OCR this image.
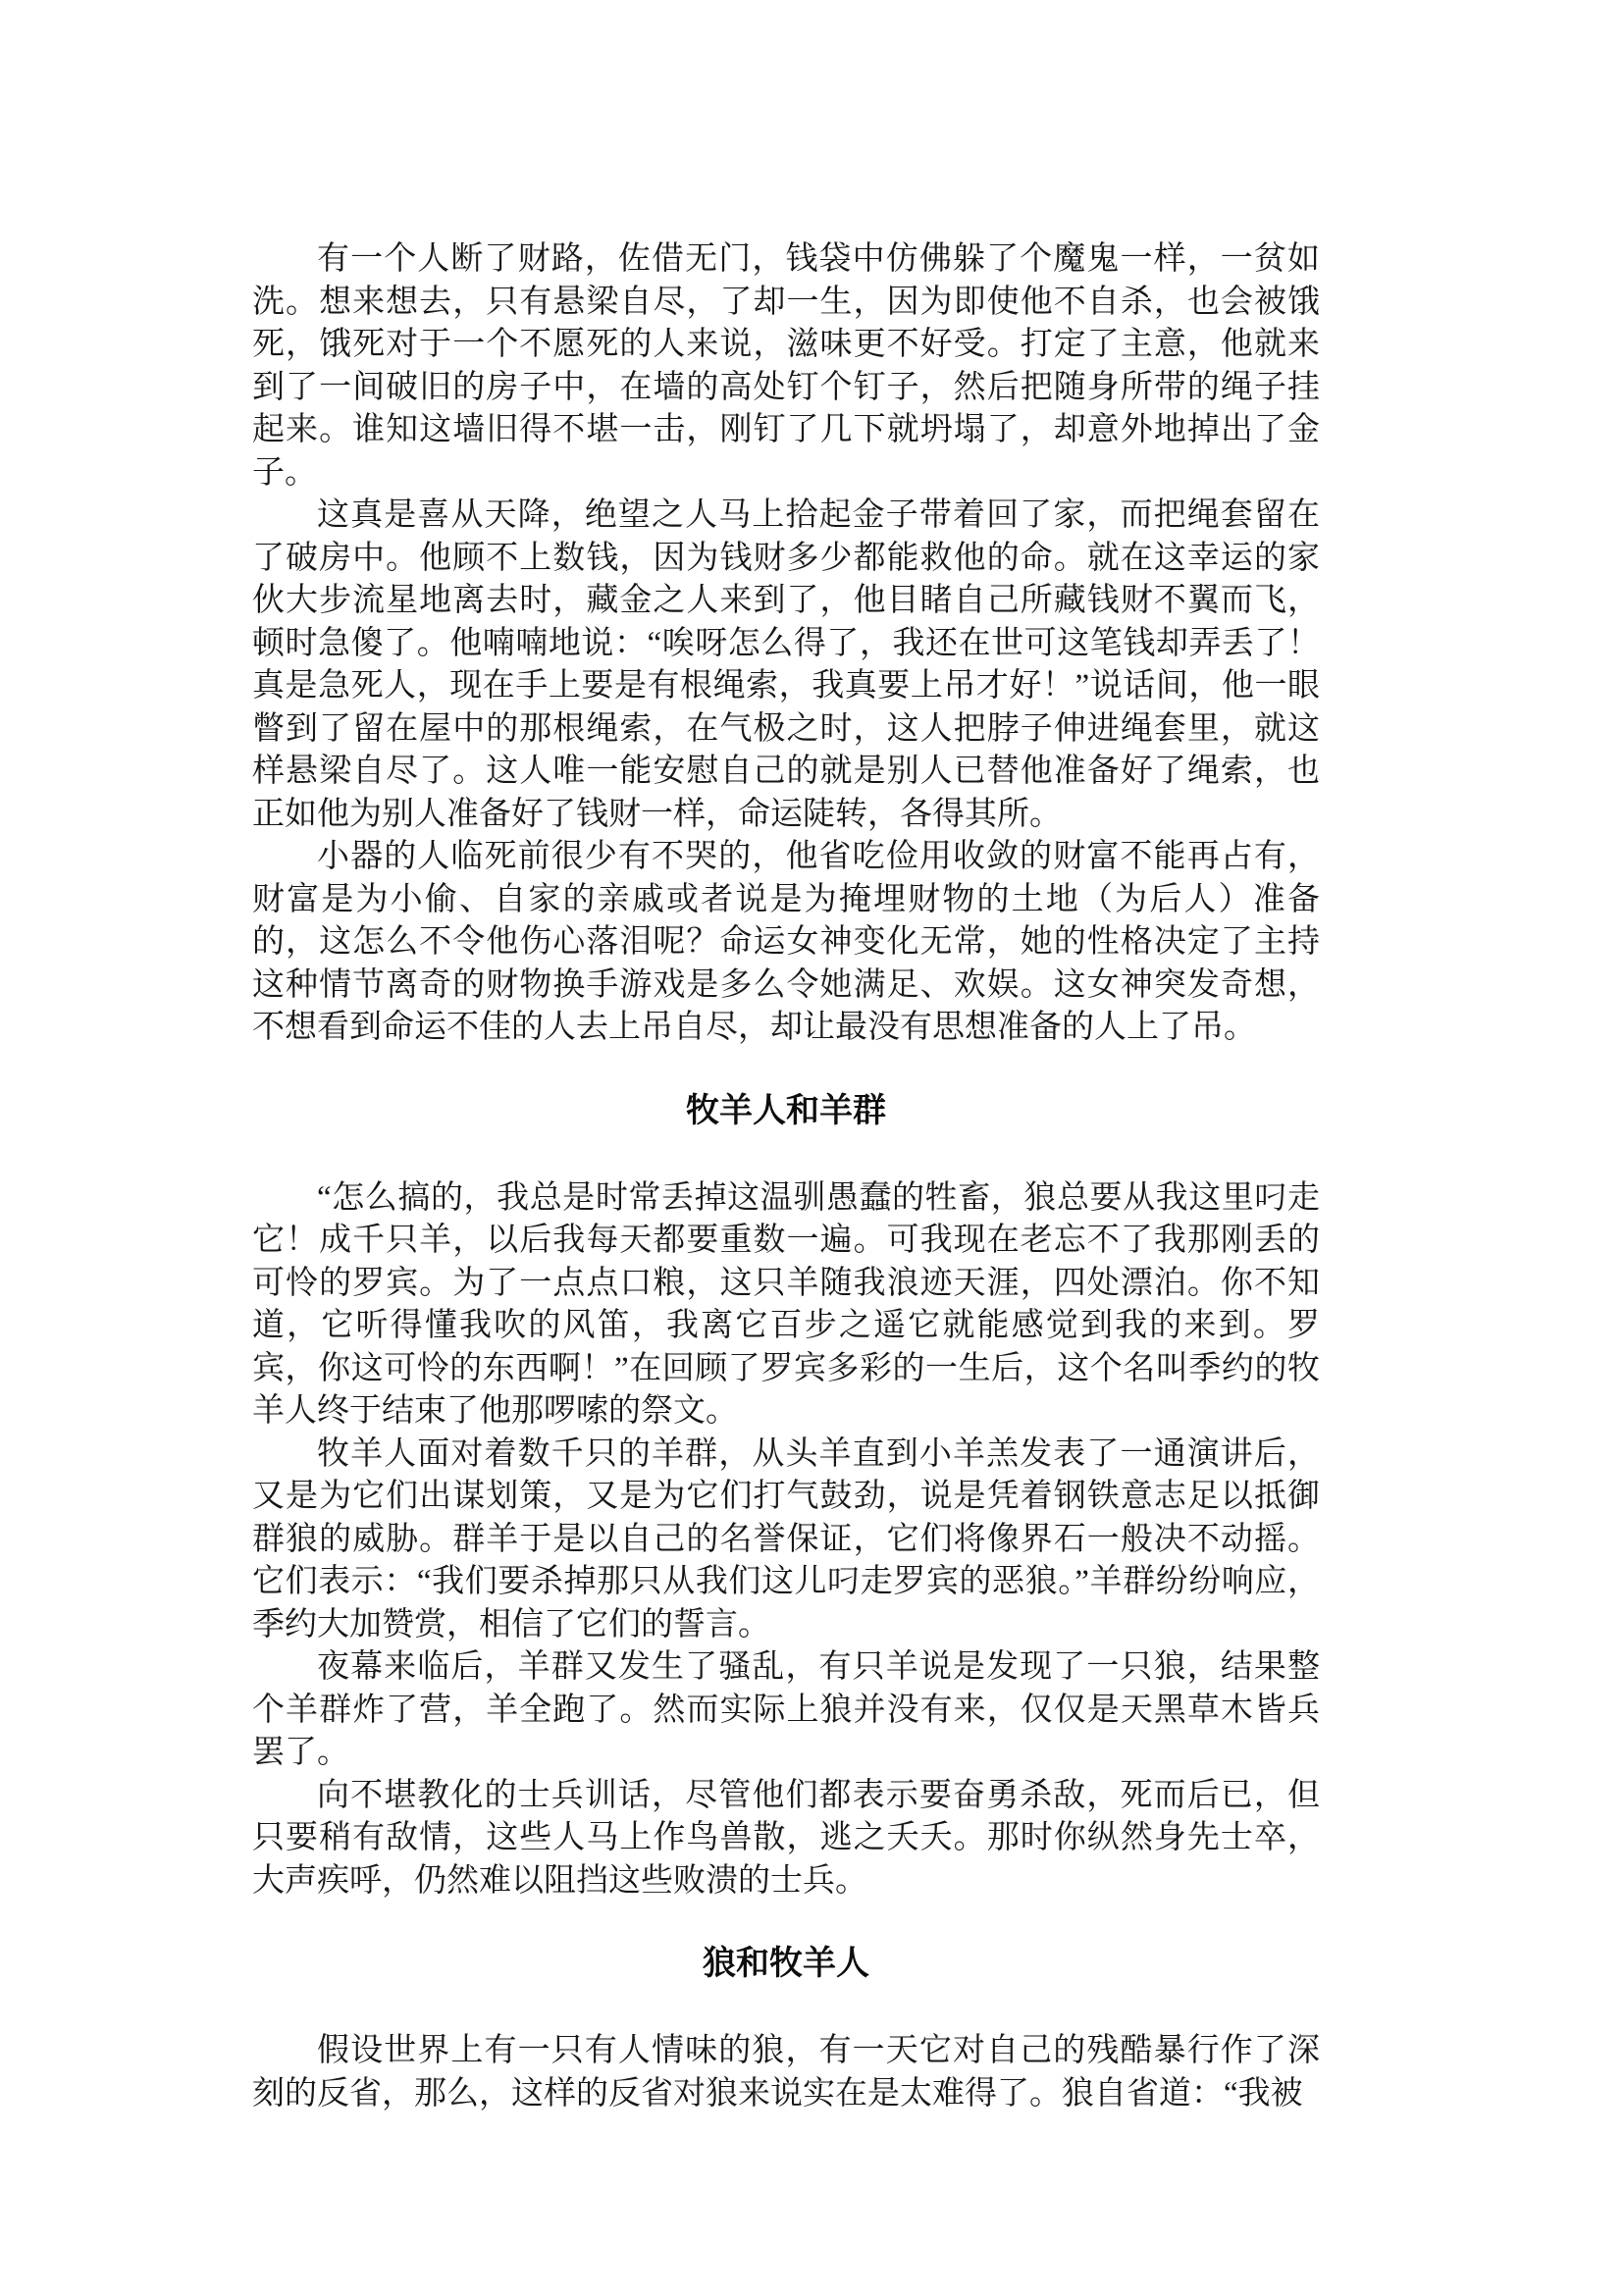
有一个人断了财路，佐借无门，钱袋中仿佛躲了个魔鬼一样，一贫如洗。想来想去，只有悬梁自尽，了却一生，因为即使他不自杀，也会被饿死，饿死对于一个不愿死的人来说，滋味更不好受。打定了主意，他就来到了一间破旧的房子中，在墙的高处钉个钉子，然后把随身所带的绳子挂起来。谁知这墙旧得不堪一击，刚钉了几下就坍塌了，却意外地掉出了金子。

这真是喜从天降，绝望之人马上拾起金子带着回了家，而把绳套留在了破房中。他顾不上数钱，因为钱财多少都能救他的命。就在这幸运的家伙大步流星地离去时，藏金之人来到了，他目睹自己所藏钱财不翼而飞，顿时急傻了。他喃喃地说：“唉呀怎么得了，我还在世可这笔钱却弄丢了！真是急死人，现在手上要是有根绳索，我真要上吊才好！”说话间，他一眼瞥到了留在屋中的那根绳索，在气极之时，这人把脖子伸进绳套里，就这样悬梁自尽了。这人唯一能安慰自己的就是别人已替他准备好了绳索，也正如他为别人准备好了钱财一样，命运陡转，各得其所。

小器的人临死前很少有不哭的，他省吃俭用收敛的财富不能再占有，财富是为小偷、自家的亲戚或者说是为掩埋财物的土地（为后人）准备的，这怎么不令他伤心落泪呢？命运女神变化无常，她的性格决定了主持这种情节离奇的财物换手游戏是多么令她满足、欢娱。这女神突发奇想，不想看到命运不佳的人去上吊自尽，却让最没有思想准备的人上了吊。

牧羊人和羊群

“怎么搞的，我总是时常丢掉这温驯愚蠢的牲畜，狼总要从我这里叼走它！成千只羊，以后我每天都要重数一遍。可我现在老忘不了我那刚丢的可怜的罗宾。为了一点点口粮，这只羊随我浪迹天涯，四处漂泊。你不知道，它听得懂我吹的风笛，我离它百步之遥它就能感觉到我的来到。罗宾，你这可怜的东西啊！”在回顾了罗宾多彩的一生后，这个名叫季约的牧羊人终于结束了他那啰嗦的祭文。

牧羊人面对着数千只的羊群，从头羊直到小羊羔发表了一通演讲后，又是为它们出谋划策，又是为它们打气鼓劲，说是凭着钢铁意志足以抵御群狼的威胁。群羊于是以自己的名誉保证，它们将像界石一般决不动摇。它们表示：“我们要杀掉那只从我们这儿叼走罗宾的恶狼。”羊群纷纷响应，季约大加赞赏，相信了它们的誓言。

夜幕来临后，羊群又发生了骚乱，有只羊说是发现了一只狼，结果整个羊群炸了营，羊全跑了。然而实际上狼并没有来，仅仅是天黑草木皆兵罢了。

向不堪教化的士兵训话，尽管他们都表示要奋勇杀敌，死而后已，但只要稍有敌情，这些人马上作鸟兽散，逃之夭夭。那时你纵然身先士卒，大声疾呼，仍然难以阻挡这些败溃的士兵。

狼和牧羊人

假设世界上有一只有人情味的狼，有一天它对自己的残酷暴行作了深刻的反省，那么，这样的反省对狼来说实在是太难得了。狼自省道：“我被
